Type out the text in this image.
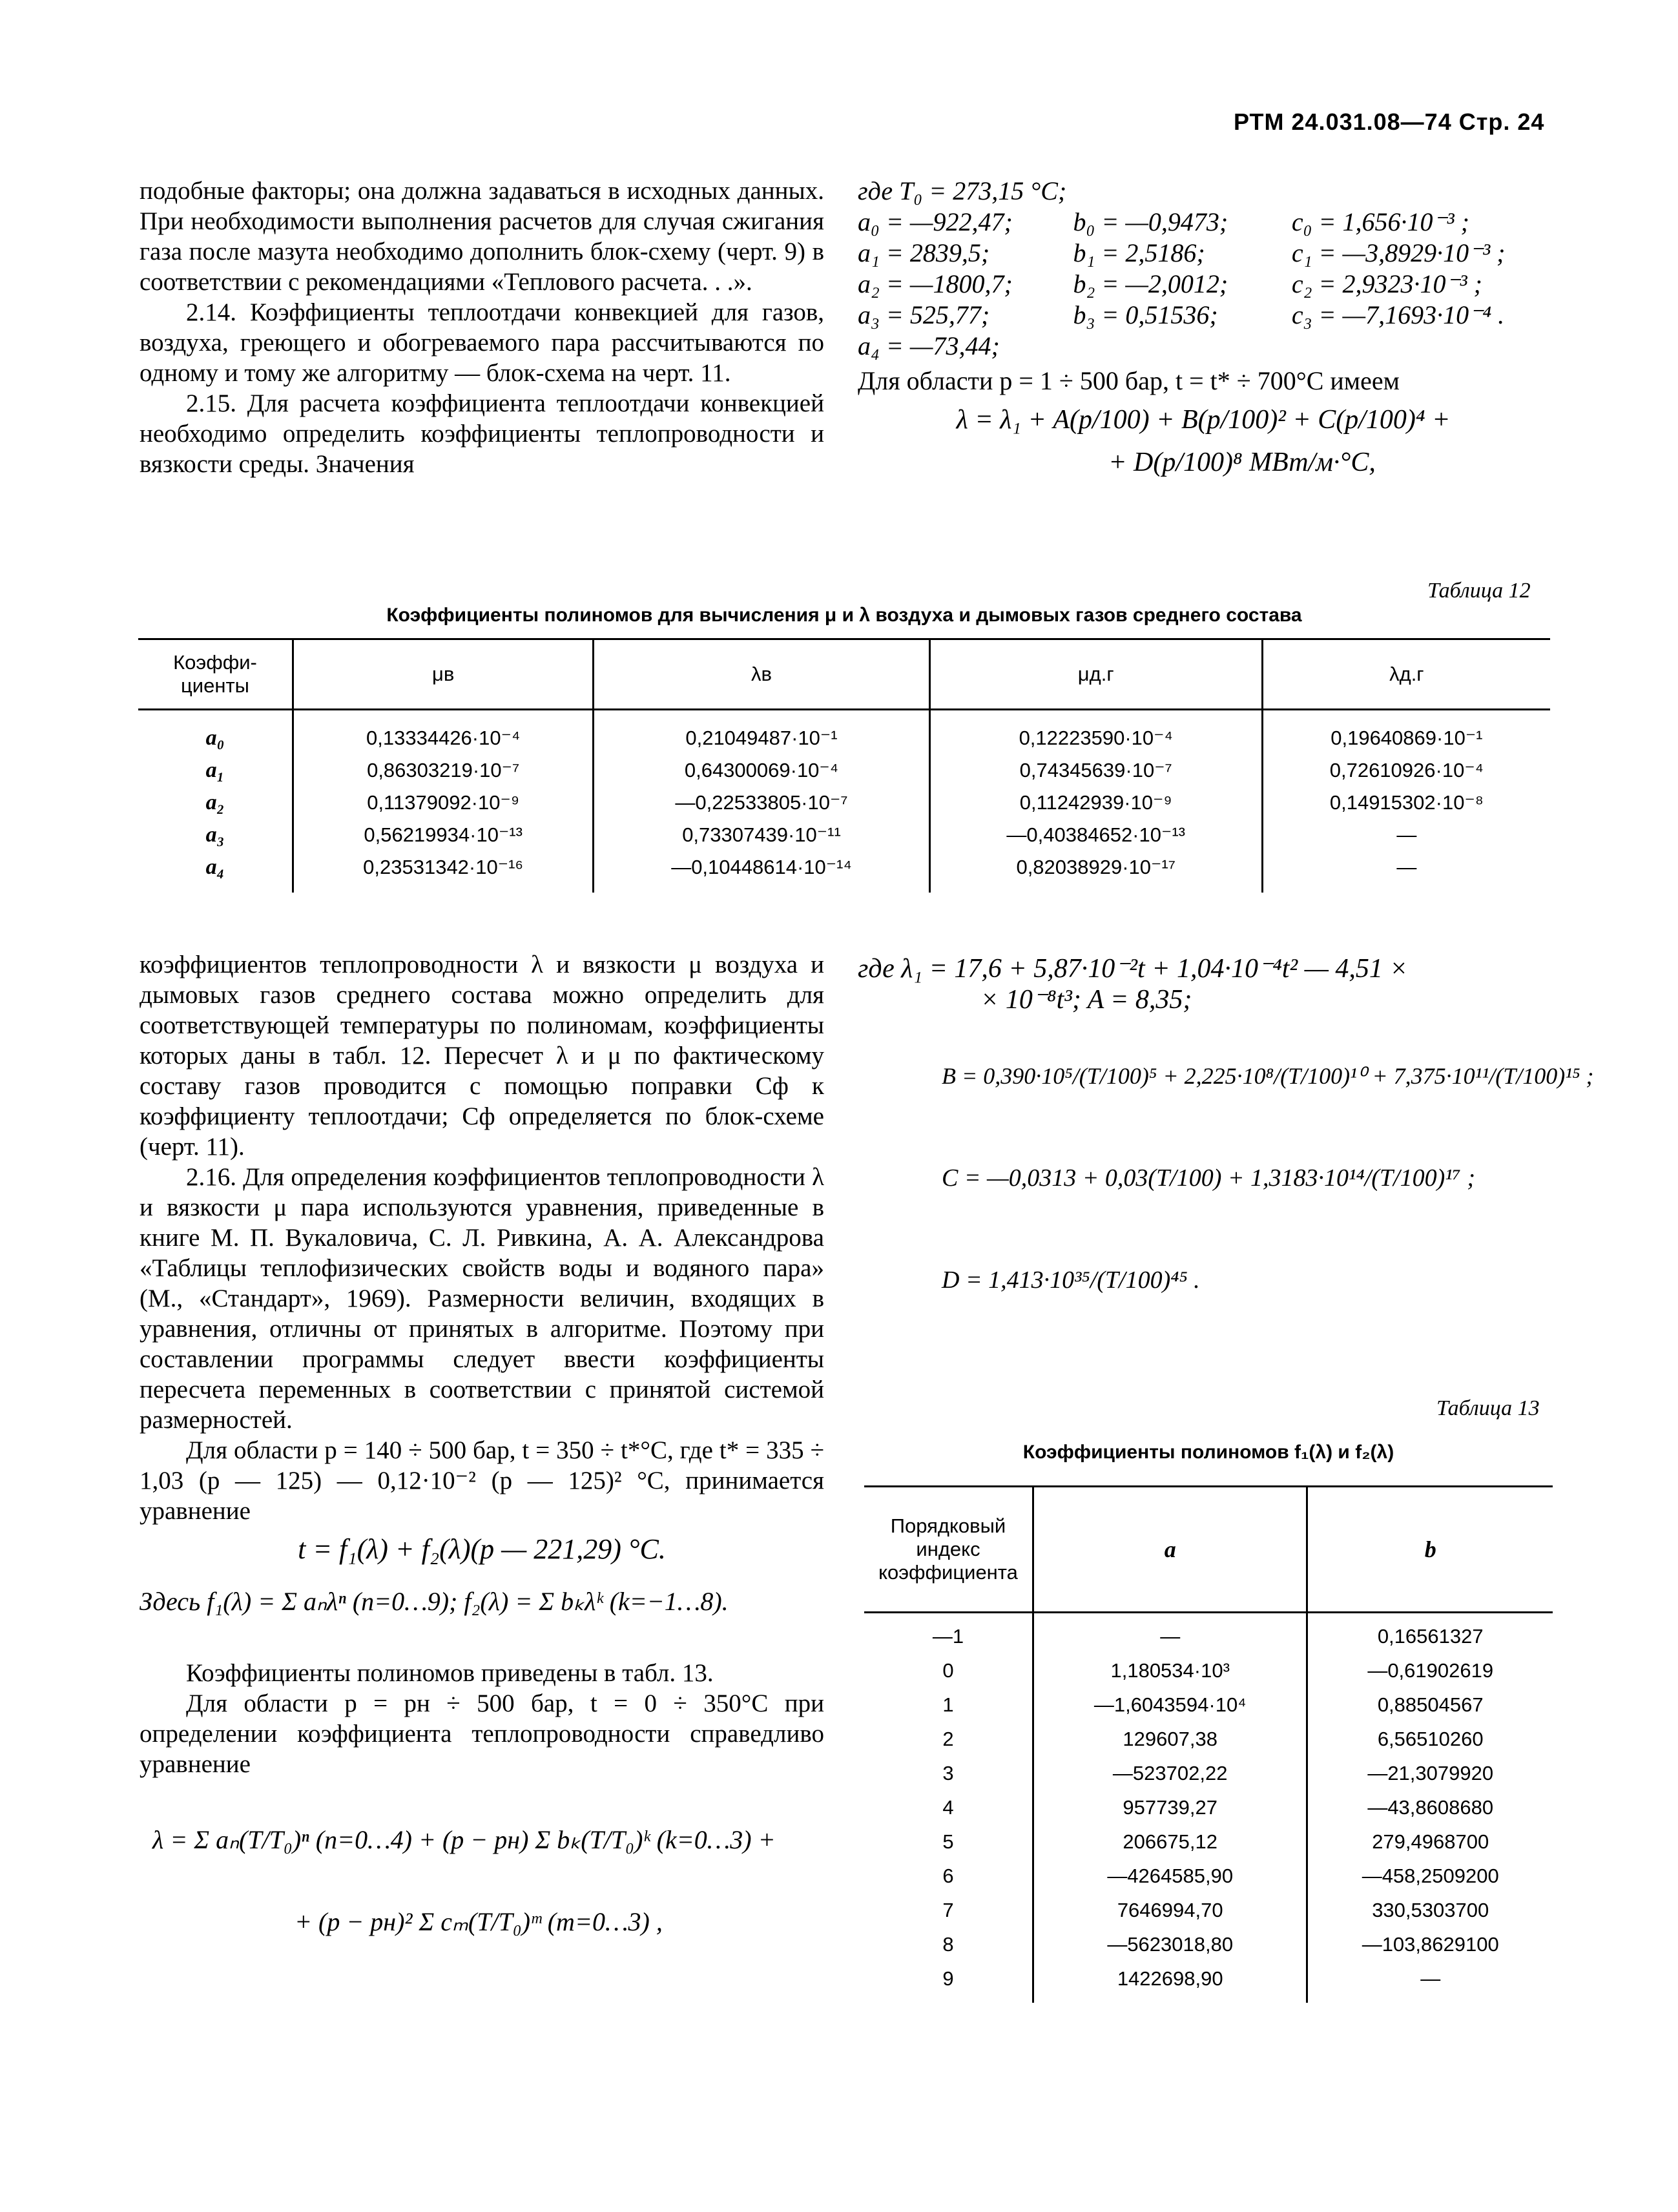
РТМ 24.031.08—74 Стр. 24

подобные факторы; она должна задаваться в исходных данных. При необходимости выполнения расчетов для случая сжигания газа после мазута необходимо дополнить блок-схему (черт. 9) в соответствии с рекомендациями «Теплового расчета. . .».

2.14. Коэффициенты теплоотдачи конвекцией для газов, воздуха, греющего и обогреваемого пара рассчитываются по одному и тому же алгоритму — блок-схема на черт. 11.

2.15. Для расчета коэффициента теплоотдачи конвекцией необходимо определить коэффициенты теплопроводности и вязкости среды. Значения

где T₀ = 273,15 °C;
a₀ = —922,47;	b₀ = —0,9473;	c₀ = 1,656·10⁻³ ;
a₁ = 2839,5;	b₁ = 2,5186;	c₁ = —3,8929·10⁻³ ;
a₂ = —1800,7;	b₂ = —2,0012;	c₂ = 2,9323·10⁻³ ;
a₃ = 525,77;	b₃ = 0,51536;	c₃ = —7,1693·10⁻⁴ .
a₄ = —73,44;
Для области p = 1 ÷ 500 бар, t = t* ÷ 700°C имеем
λ = λ₁ + A(p/100) + B(p/100)² + C(p/100)⁴ +
+ D(p/100)⁸ МВт/м·°C,
Таблица 12
Коэффициенты полиномов для вычисления μ и λ воздуха и дымовых газов среднего состава
Коэффи-циенты	μв	λв	μд.г	λд.г
a₀	0,13334426·10⁻⁴	0,21049487·10⁻¹	0,12223590·10⁻⁴	0,19640869·10⁻¹
a₁	0,86303219·10⁻⁷	0,64300069·10⁻⁴	0,74345639·10⁻⁷	0,72610926·10⁻⁴
a₂	0,11379092·10⁻⁹	—0,22533805·10⁻⁷	0,11242939·10⁻⁹	0,14915302·10⁻⁸
a₃	0,56219934·10⁻¹³	0,73307439·10⁻¹¹	—0,40384652·10⁻¹³	—
a₄	0,23531342·10⁻¹⁶	—0,10448614·10⁻¹⁴	0,82038929·10⁻¹⁷	—

коэффициентов теплопроводности λ и вязкости μ воздуха и дымовых газов среднего состава можно определить для соответствующей температуры по полиномам, коэффициенты которых даны в табл. 12. Пересчет λ и μ по фактическому составу газов проводится с помощью поправки Cф к коэффициенту теплоотдачи; Cф определяется по блок-схеме (черт. 11).

2.16. Для определения коэффициентов теплопроводности λ и вязкости μ пара используются уравнения, приведенные в книге М. П. Вукаловича, С. Л. Ривкина, А. А. Александрова «Таблицы теплофизических свойств воды и водяного пара» (М., «Стандарт», 1969). Размерности величин, входящих в уравнения, отличны от принятых в алгоритме. Поэтому при составлении программы следует ввести коэффициенты пересчета переменных в соответствии с принятой системой размерностей.

Для области p = 140 ÷ 500 бар, t = 350 ÷ t*°C, где t* = 335 ÷ 1,03 (p — 125) — 0,12·10⁻² (p — 125)² °C, принимается уравнение

t = f₁(λ) + f₂(λ)(p — 221,29) °C.
Здесь f₁(λ) = Σ aₙλⁿ (n=0…9); f₂(λ) = Σ bₖλᵏ (k=−1…8).

Коэффициенты полиномов приведены в табл. 13.

Для области p = pн ÷ 500 бар, t = 0 ÷ 350°C при определении коэффициента теплопроводности справедливо уравнение

λ = Σ aₙ(T/T₀)ⁿ (n=0…4) + (p − pн) Σ bₖ(T/T₀)ᵏ (k=0…3) +
+ (p − pн)² Σ cₘ(T/T₀)ᵐ (m=0…3) ,
где λ₁ = 17,6 + 5,87·10⁻²t + 1,04·10⁻⁴t² — 4,51 ×
× 10⁻⁸t³; A = 8,35;
B = 0,390·10⁵/(T/100)⁵ + 2,225·10⁸/(T/100)¹⁰ + 7,375·10¹¹/(T/100)¹⁵ ;
C = —0,0313 + 0,03(T/100) + 1,3183·10¹⁴/(T/100)¹⁷ ;
D = 1,413·10³⁵/(T/100)⁴⁵ .
Таблица 13
Коэффициенты полиномов f₁(λ) и f₂(λ)
Порядковый индекс коэффициента	a	b
—1	—	0,16561327
0	1,180534·10³	—0,61902619
1	—1,6043594·10⁴	0,88504567
2	129607,38	6,56510260
3	—523702,22	—21,3079920
4	957739,27	—43,8608680
5	206675,12	279,4968700
6	—4264585,90	—458,2509200
7	7646994,70	330,5303700
8	—5623018,80	—103,8629100
9	1422698,90	—
